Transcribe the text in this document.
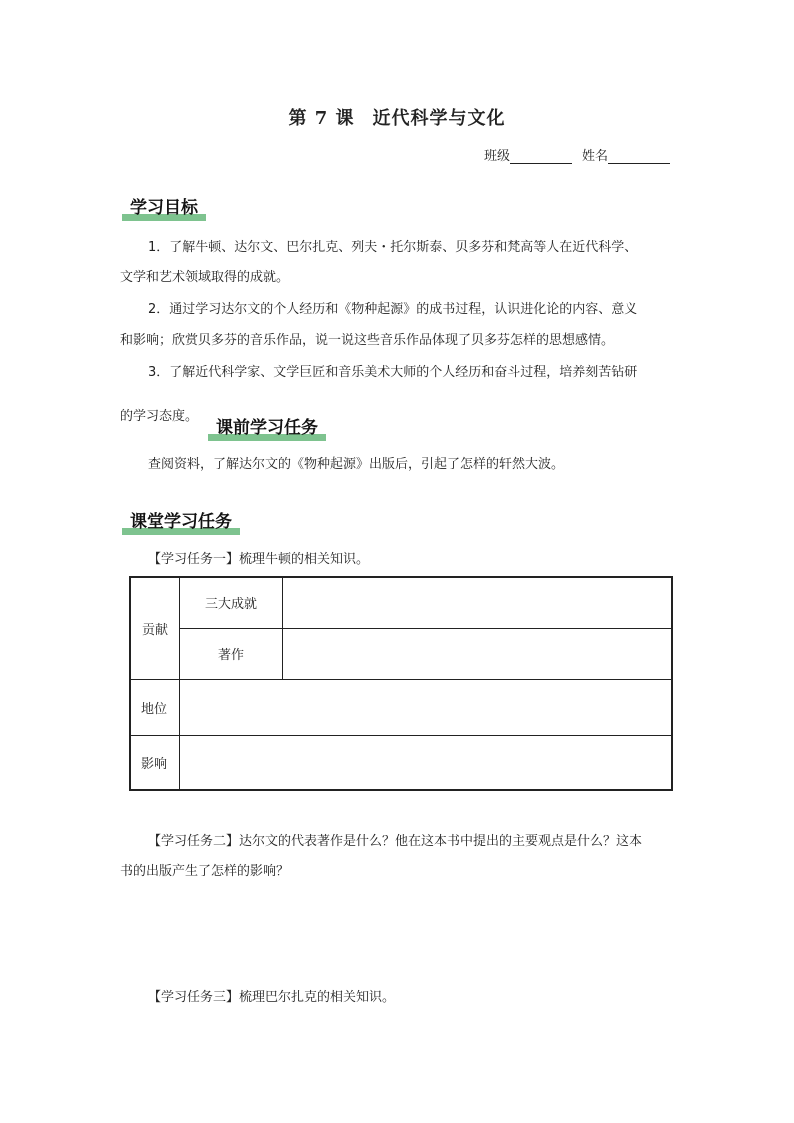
第 7 课 近代科学与文化
班级	姓名
学习目标
1．了解牛顿、达尔文、巴尔扎克、列夫・托尔斯泰、贝多芬和梵高等人在近代科学、
文学和艺术领域取得的成就。
2．通过学习达尔文的个人经历和《物种起源》的成书过程，认识进化论的内容、意义
和影响；欣赏贝多芬的音乐作品，说一说这些音乐作品体现了贝多芬怎样的思想感情。
3．了解近代科学家、文学巨匠和音乐美术大师的个人经历和奋斗过程，培养刻苦钻研
的学习态度。
课前学习任务
查阅资料，了解达尔文的《物种起源》出版后，引起了怎样的轩然大波。
课堂学习任务
【学习任务一】梳理牛顿的相关知识。
贡献	三大成就	
	著作	
地位		
影响		
【学习任务二】达尔文的代表著作是什么？他在这本书中提出的主要观点是什么？这本
书的出版产生了怎样的影响？
【学习任务三】梳理巴尔扎克的相关知识。
